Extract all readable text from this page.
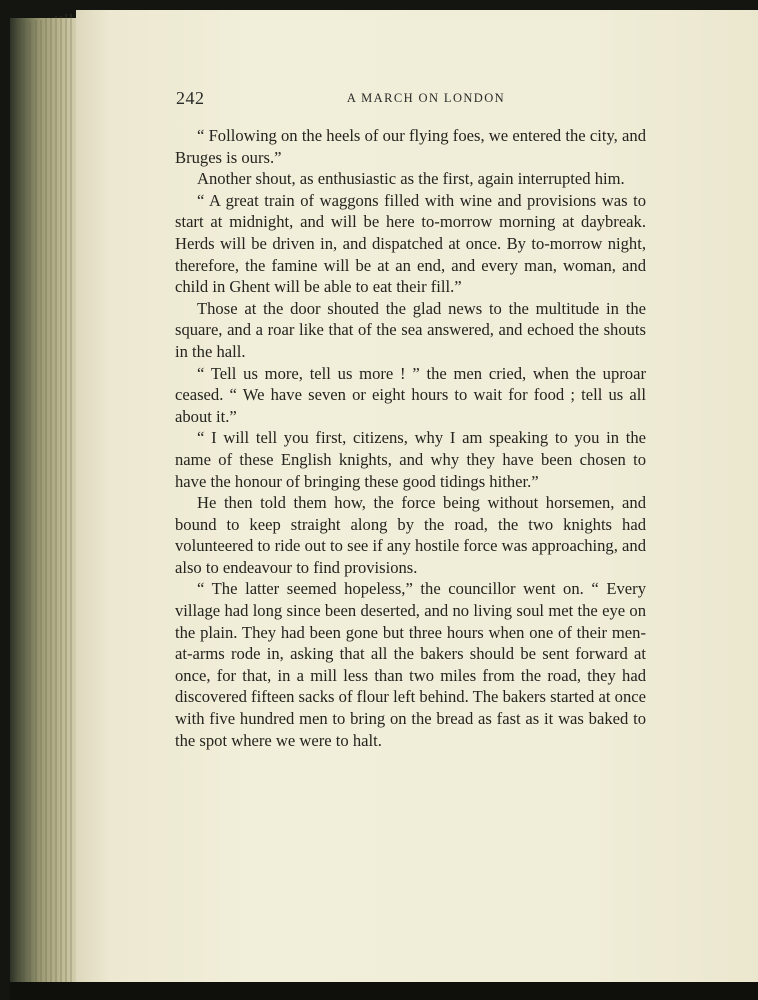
242	A MARCH ON LONDON

“ Following on the heels of our flying foes, we entered the city, and Bruges is ours.”

Another shout, as enthusiastic as the first, again interrupted him.

“ A great train of waggons filled with wine and provisions was to start at midnight, and will be here to-morrow morning at daybreak. Herds will be driven in, and dispatched at once. By to-morrow night, therefore, the famine will be at an end, and every man, woman, and child in Ghent will be able to eat their fill.”

Those at the door shouted the glad news to the multitude in the square, and a roar like that of the sea answered, and echoed the shouts in the hall.

“ Tell us more, tell us more ! ” the men cried, when the uproar ceased. “ We have seven or eight hours to wait for food ; tell us all about it.”

“ I will tell you first, citizens, why I am speaking to you in the name of these English knights, and why they have been chosen to have the honour of bringing these good tidings hither.”

He then told them how, the force being without horsemen, and bound to keep straight along by the road, the two knights had volunteered to ride out to see if any hostile force was approaching, and also to endeavour to find provisions.

“ The latter seemed hopeless,” the councillor went on. “ Every village had long since been deserted, and no living soul met the eye on the plain. They had been gone but three hours when one of their men-at-arms rode in, asking that all the bakers should be sent forward at once, for that, in a mill less than two miles from the road, they had discovered fifteen sacks of flour left behind. The bakers started at once with five hundred men to bring on the bread as fast as it was baked to the spot where we were to halt.
